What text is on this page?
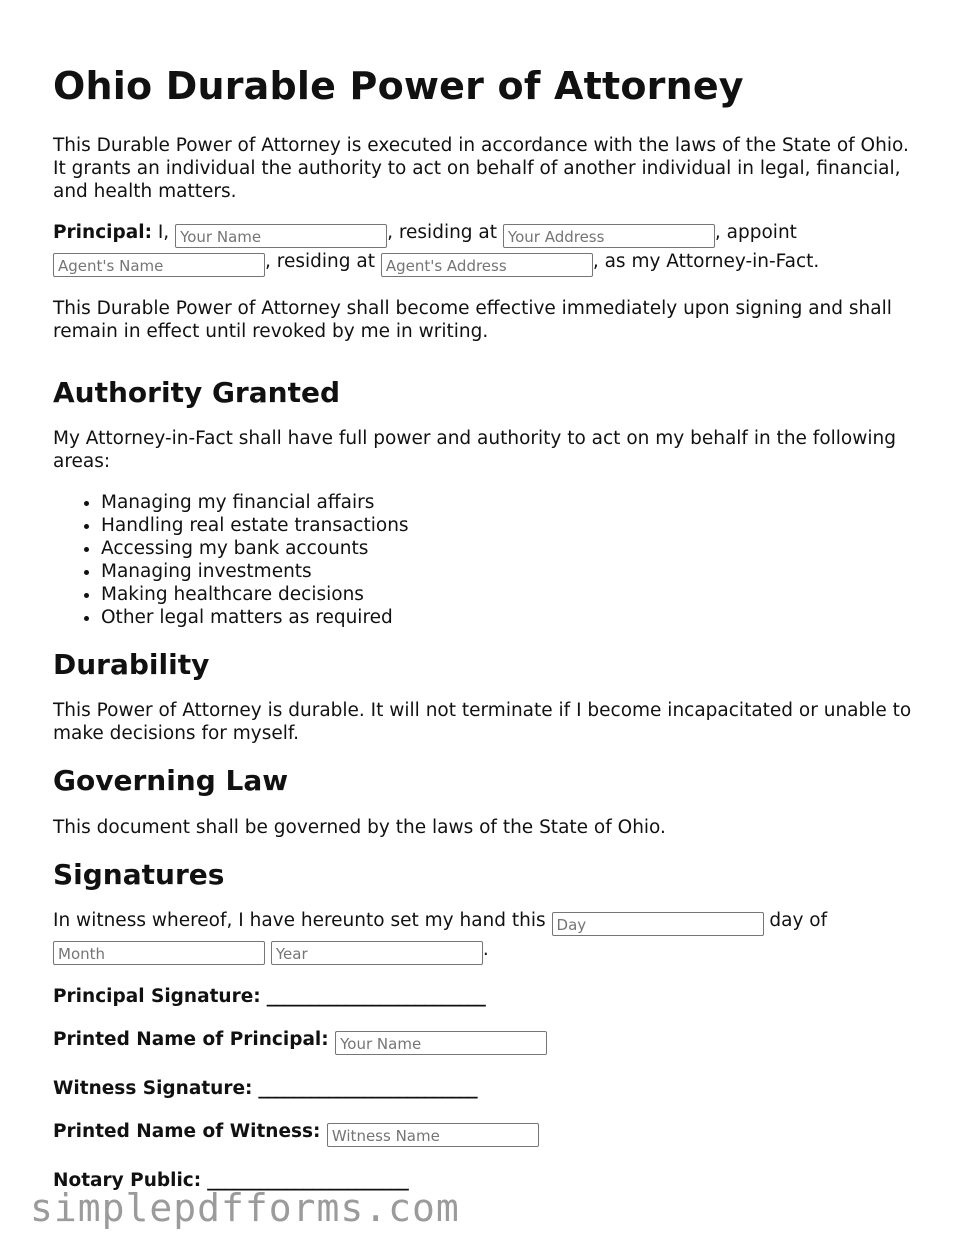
Ohio Durable Power of Attorney

This Durable Power of Attorney is executed in accordance with the laws of the State of Ohio. It grants an individual the authority to act on behalf of another individual in legal, financial, and health matters.

Principal: I, Your Name	, residing at Your Address	, appoint
Agent's Name, residing at Agent's Address	, as my Attorney-in-Fact.

This Durable Power of Attorney shall become effective immediately upon signing and shall remain in effect until revoked by me in writing.

Authority Granted

My Attorney-in-Fact shall have full power and authority to act on my behalf in the following areas:

• Managing my financial affairs
• Handling real estate transactions
• Accessing my bank accounts
• Managing investments
• Making healthcare decisions
• Other legal matters as required
Durability

This Power of Attorney is durable. It will not terminate if I become incapacitated or unable to make decisions for myself.

Governing Law

This document shall be governed by the laws of the State of Ohio.

Signatures

In witness whereof, I have hereunto set my hand this Day	day of
Month Year.

Principal Signature: _________________________

Printed Name of Principal: Your Name

Witness Signature: _________________________

Printed Name of Witness: Witness Name

Notary Public: _______________________

simplepdfforms.com
